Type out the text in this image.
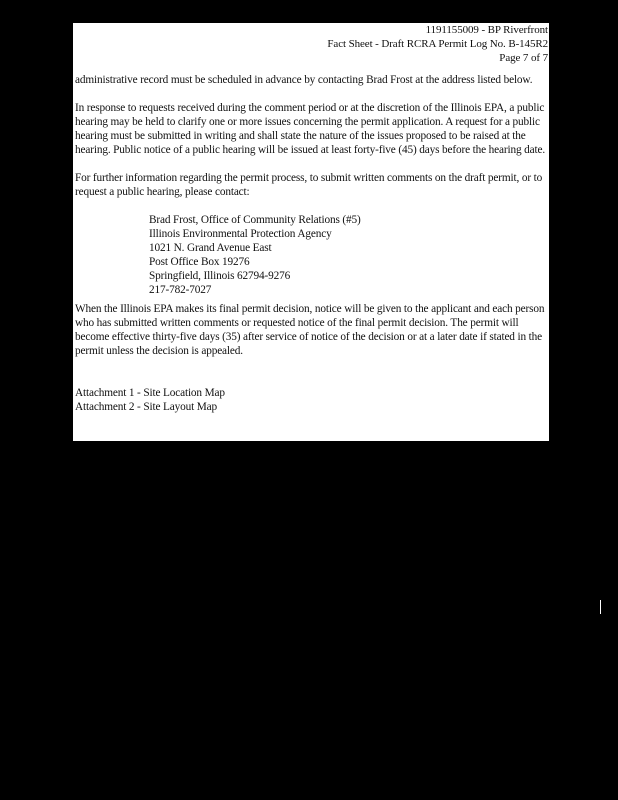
1191155009 - BP Riverfront
Fact Sheet - Draft RCRA Permit Log No. B-145R2
Page 7 of 7

administrative record must be scheduled in advance by contacting Brad Frost at the address listed below.

In response to requests received during the comment period or at the discretion of the Illinois EPA, a public hearing may be held to clarify one or more issues concerning the permit application. A request for a public hearing must be submitted in writing and shall state the nature of the issues proposed to be raised at the hearing. Public notice of a public hearing will be issued at least forty-five (45) days before the hearing date.

For further information regarding the permit process, to submit written comments on the draft permit, or to request a public hearing, please contact:

Brad Frost, Office of Community Relations (#5)
Illinois Environmental Protection Agency
1021 N. Grand Avenue East
Post Office Box 19276
Springfield, Illinois 62794-9276
217-782-7027

When the Illinois EPA makes its final permit decision, notice will be given to the applicant and each person who has submitted written comments or requested notice of the final permit decision. The permit will become effective thirty-five days (35) after service of notice of the decision or at a later date if stated in the permit unless the decision is appealed.

Attachment 1 - Site Location Map
Attachment 2 - Site Layout Map
